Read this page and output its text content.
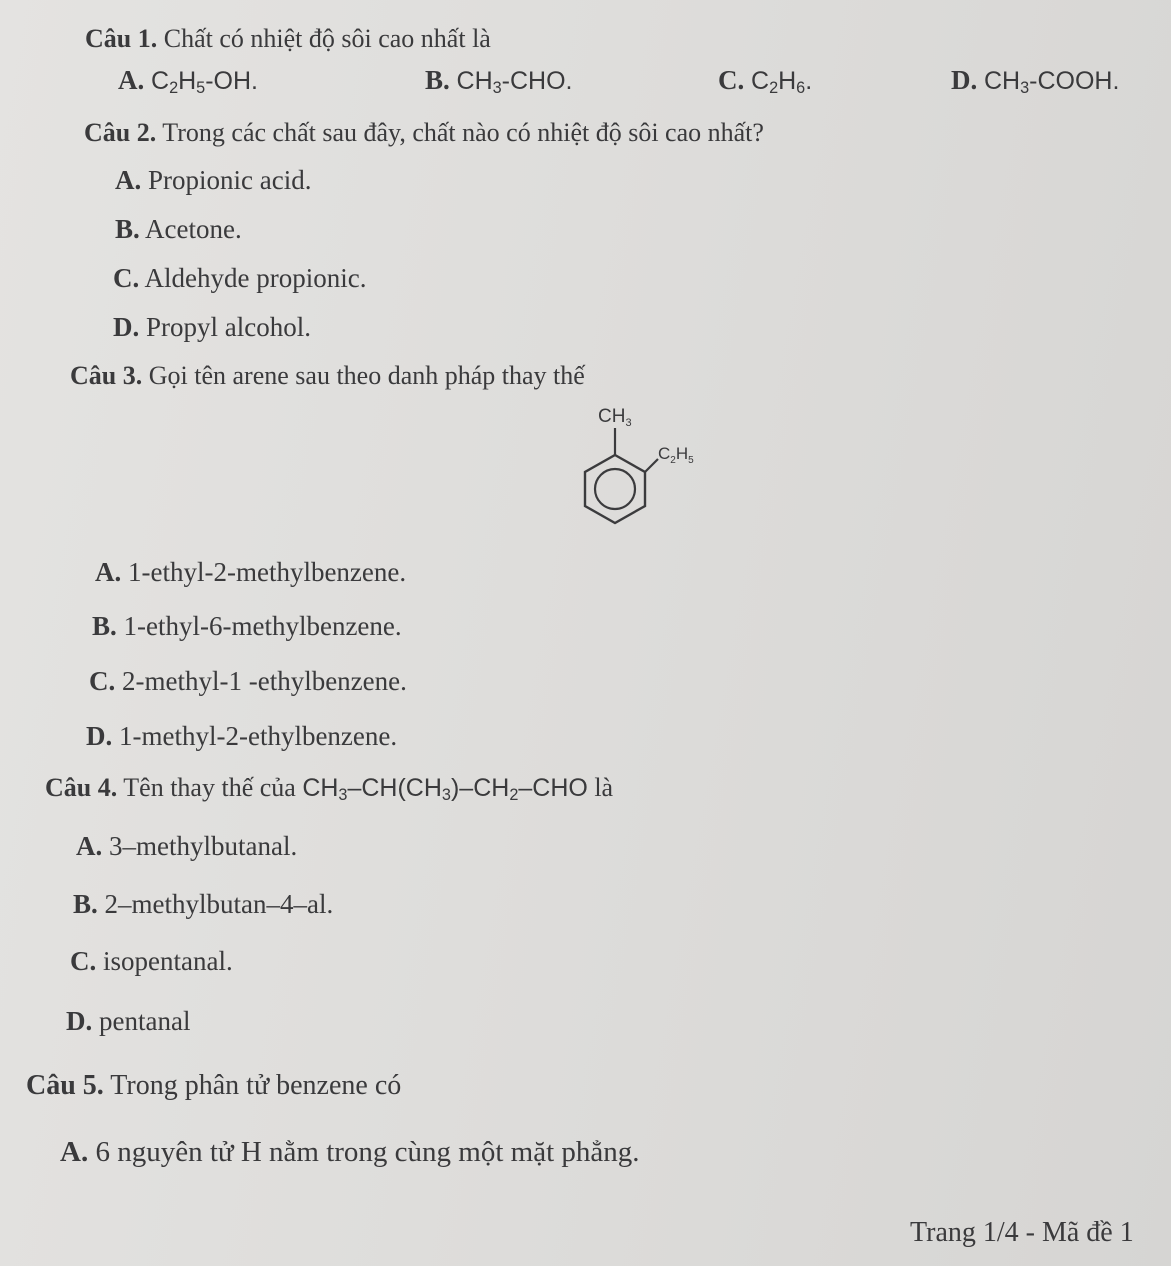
Câu 1. Chất có nhiệt độ sôi cao nhất là
A. $C_2H_5-OH$.	B. $CH_3$-CHO.	C. $C_2H_6$.	D. $CH_3$-COOH.
Câu 2. Trong các chất sau đây, chất nào có nhiệt độ sôi cao nhất?
A. Propionic acid.
B. Acetone.
C. Aldehyde propionic.
D. Propyl alcohol.
Câu 3. Gọi tên arene sau theo danh pháp thay thế
$CH_3$
$C_2H_5$
A. 1-ethyl-2-methylbenzene.
B. 1-ethyl-6-methylbenzene.
C. 2-methyl-1 -ethylbenzene.
D. 1-methyl-2-ethylbenzene.
Câu 4. Tên thay thế của $CH_3-CH(CH_3)-CH_2$–CHO là
A. 3–methylbutanal.
B. 2–methylbutan–4–al.
C. isopentanal.
D. pentanal
Câu 5. Trong phân tử benzene có
A. 6 nguyên tử H nằm trong cùng một mặt phẳng.
Trang 1/4 - Mã đề 1
